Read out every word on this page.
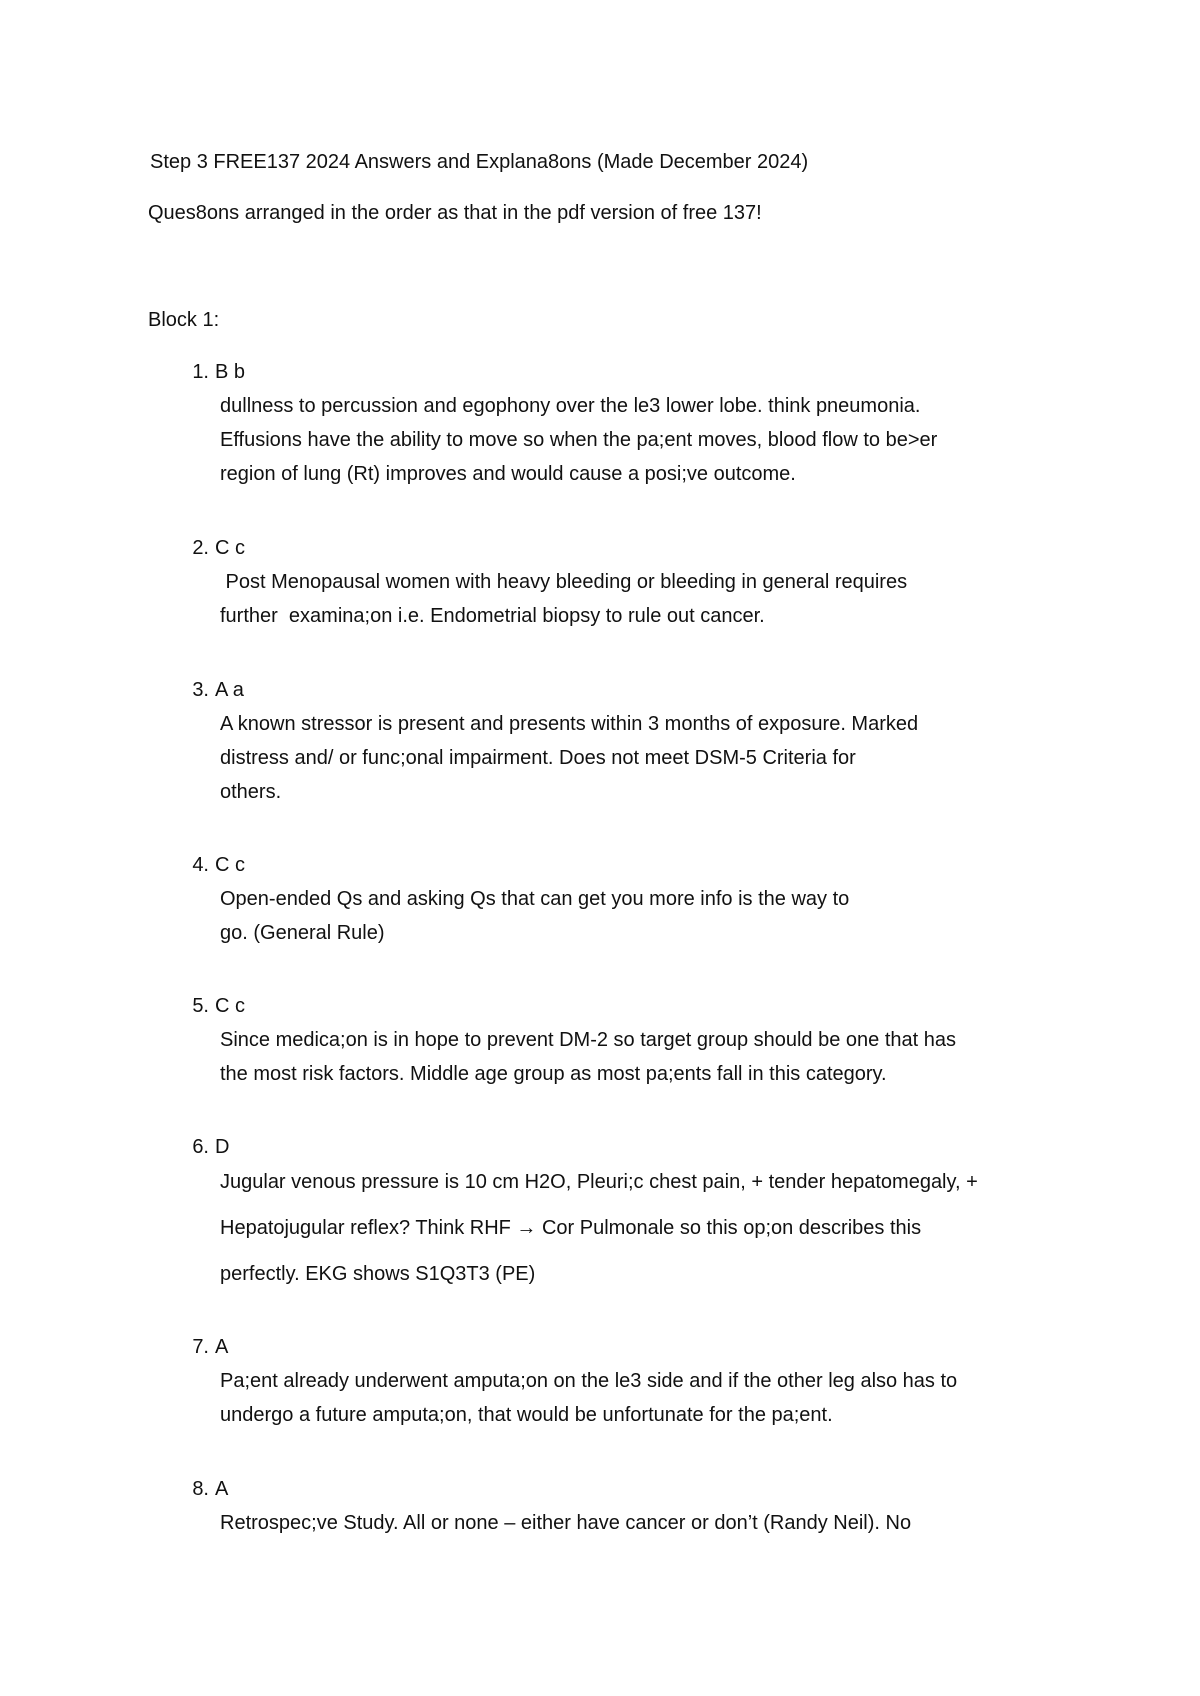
Step 3 FREE137 2024 Answers and Explana8ons (Made December 2024)
Ques8ons arranged in the order as that in the pdf version of free 137!
Block 1:
1. B b
dullness to percussion and egophony over the le3 lower lobe. think pneumonia.
Effusions have the ability to move so when the pa;ent moves, blood flow to be>er
region of lung (Rt) improves and would cause a posi;ve outcome.
2. C c
Post Menopausal women with heavy bleeding or bleeding in general requires
further  examina;on i.e. Endometrial biopsy to rule out cancer.
3. A a
A known stressor is present and presents within 3 months of exposure. Marked
distress and/ or func;onal impairment. Does not meet DSM-5 Criteria for
others.
4. C c
Open-ended Qs and asking Qs that can get you more info is the way to
go. (General Rule)
5. C c
Since medica;on is in hope to prevent DM-2 so target group should be one that has
the most risk factors. Middle age group as most pa;ents fall in this category.
6. D
Jugular venous pressure is 10 cm H2O, Pleuri;c chest pain, + tender hepatomegaly, +
Hepatojugular reflex? Think RHF → Cor Pulmonale so this op;on describes this
perfectly. EKG shows S1Q3T3 (PE)
7. A
Pa;ent already underwent amputa;on on the le3 side and if the other leg also has to
undergo a future amputa;on, that would be unfortunate for the pa;ent.
8. A
Retrospec;ve Study. All or none – either have cancer or don’t (Randy Neil). No
